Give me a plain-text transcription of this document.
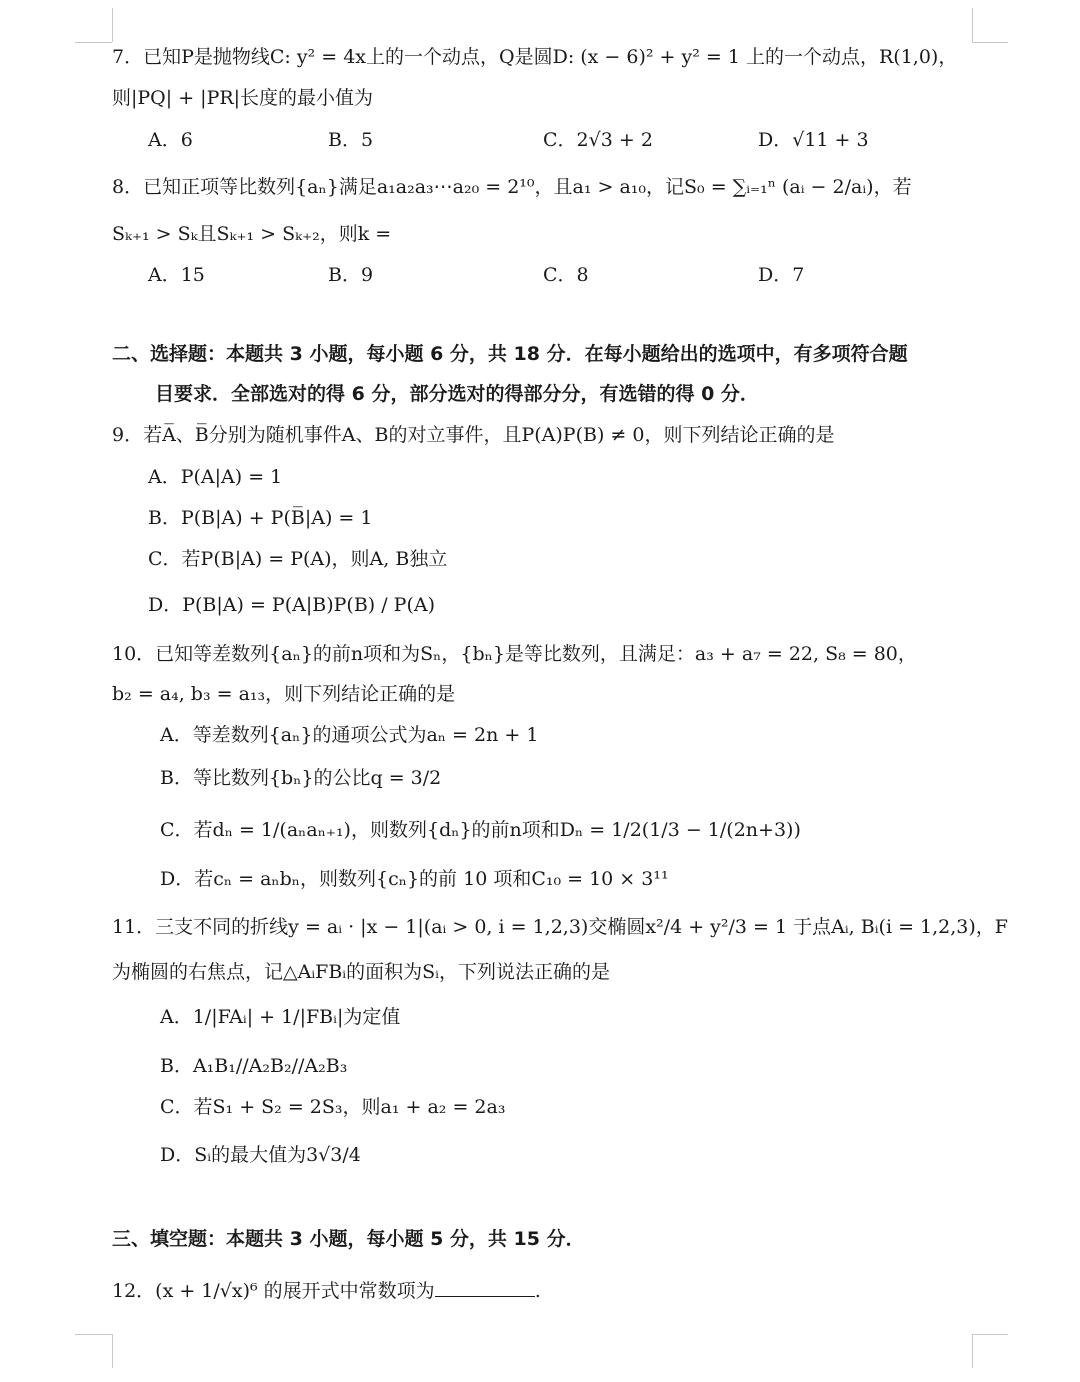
7．已知P是抛物线C: y² = 4x上的一个动点，Q是圆D: (x − 6)² + y² = 1 上的一个动点，R(1,0)，
则|PQ| + |PR|长度的最小值为
A．6	B．5	C．2√3 + 2	D．√11 + 3
8．已知正项等比数列{aₙ}满足a₁a₂a₃⋯a₂₀ = 2¹⁰，且a₁ > a₁₀，记S₀ = ∑ᵢ₌₁ⁿ (aᵢ − 2/aᵢ)，若
Sₖ₊₁ > Sₖ且Sₖ₊₁ > Sₖ₊₂，则k =
A．15	B．9	C．8	D．7
二、选择题：本题共 3 小题，每小题 6 分，共 18 分．在每小题给出的选项中，有多项符合题
目要求．全部选对的得 6 分，部分选对的得部分分，有选错的得 0 分．
9．若A̅、B̅分别为随机事件A、B的对立事件，且P(A)P(B) ≠ 0，则下列结论正确的是
A．P(A|A) = 1
B．P(B|A) + P(B̅|A) = 1
C．若P(B|A) = P(A)，则A, B独立
D．P(B|A) = P(A|B)P(B) / P(A)
10．已知等差数列{aₙ}的前n项和为Sₙ，{bₙ}是等比数列，且满足：a₃ + a₇ = 22, S₈ = 80，
b₂ = a₄, b₃ = a₁₃，则下列结论正确的是
A．等差数列{aₙ}的通项公式为aₙ = 2n + 1
B．等比数列{bₙ}的公比q = 3/2
C．若dₙ = 1/(aₙaₙ₊₁)，则数列{dₙ}的前n项和Dₙ = 1/2(1/3 − 1/(2n+3))
D．若cₙ = aₙbₙ，则数列{cₙ}的前 10 项和C₁₀ = 10 × 3¹¹
11．三支不同的折线y = aᵢ · |x − 1|(aᵢ > 0, i = 1,2,3)交椭圆x²/4 + y²/3 = 1 于点Aᵢ, Bᵢ(i = 1,2,3)，F
为椭圆的右焦点，记△AᵢFBᵢ的面积为Sᵢ，下列说法正确的是
A．1/|FAᵢ| + 1/|FBᵢ|为定值
B．A₁B₁//A₂B₂//A₂B₃
C．若S₁ + S₂ = 2S₃，则a₁ + a₂ = 2a₃
D．Sᵢ的最大值为3√3/4
三、填空题：本题共 3 小题，每小题 5 分，共 15 分．
12．(x + 1/√x)⁶ 的展开式中常数项为	.
